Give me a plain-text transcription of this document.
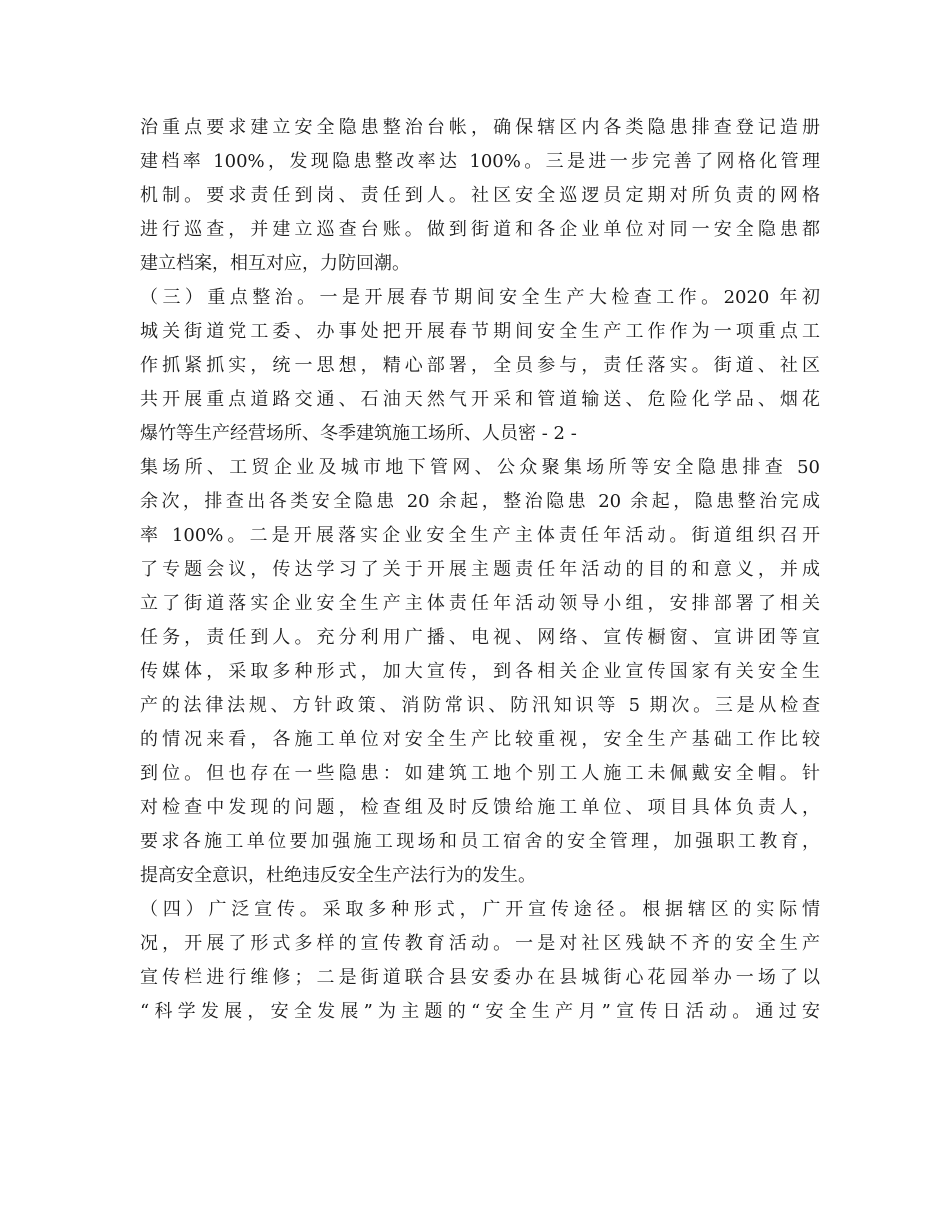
治重点要求建立安全隐患整治台帐，确保辖区内各类隐患排查登记造册
建档率 100%，发现隐患整改率达 100%。三是进一步完善了网格化管理
机制。要求责任到岗、责任到人。社区安全巡逻员定期对所负责的网格
进行巡查，并建立巡查台账。做到街道和各企业单位对同一安全隐患都
建立档案，相互对应，力防回潮。
（三）重点整治。一是开展春节期间安全生产大检查工作。2020 年初
城关街道党工委、办事处把开展春节期间安全生产工作作为一项重点工
作抓紧抓实，统一思想，精心部署，全员参与，责任落实。街道、社区
共开展重点道路交通、石油天然气开采和管道输送、危险化学品、烟花
爆竹等生产经营场所、冬季建筑施工场所、人员密 - 2 -
集场所、工贸企业及城市地下管网、公众聚集场所等安全隐患排查 50
余次，排查出各类安全隐患 20 余起，整治隐患 20 余起，隐患整治完成
率 100%。二是开展落实企业安全生产主体责任年活动。街道组织召开
了专题会议，传达学习了关于开展主题责任年活动的目的和意义，并成
立了街道落实企业安全生产主体责任年活动领导小组，安排部署了相关
任务，责任到人。充分利用广播、电视、网络、宣传橱窗、宣讲团等宣
传媒体，采取多种形式，加大宣传，到各相关企业宣传国家有关安全生
产的法律法规、方针政策、消防常识、防汛知识等 5 期次。三是从检查
的情况来看，各施工单位对安全生产比较重视，安全生产基础工作比较
到位。但也存在一些隐患：如建筑工地个别工人施工未佩戴安全帽。针
对检查中发现的问题，检查组及时反馈给施工单位、项目具体负责人，
要求各施工单位要加强施工现场和员工宿舍的安全管理，加强职工教育，
提高安全意识，杜绝违反安全生产法行为的发生。
（四）广泛宣传。采取多种形式，广开宣传途径。根据辖区的实际情
况，开展了形式多样的宣传教育活动。一是对社区残缺不齐的安全生产
宣传栏进行维修；二是街道联合县安委办在县城街心花园举办一场了以
“科学发展，安全发展”为主题的“安全生产月”宣传日活动。通过安
